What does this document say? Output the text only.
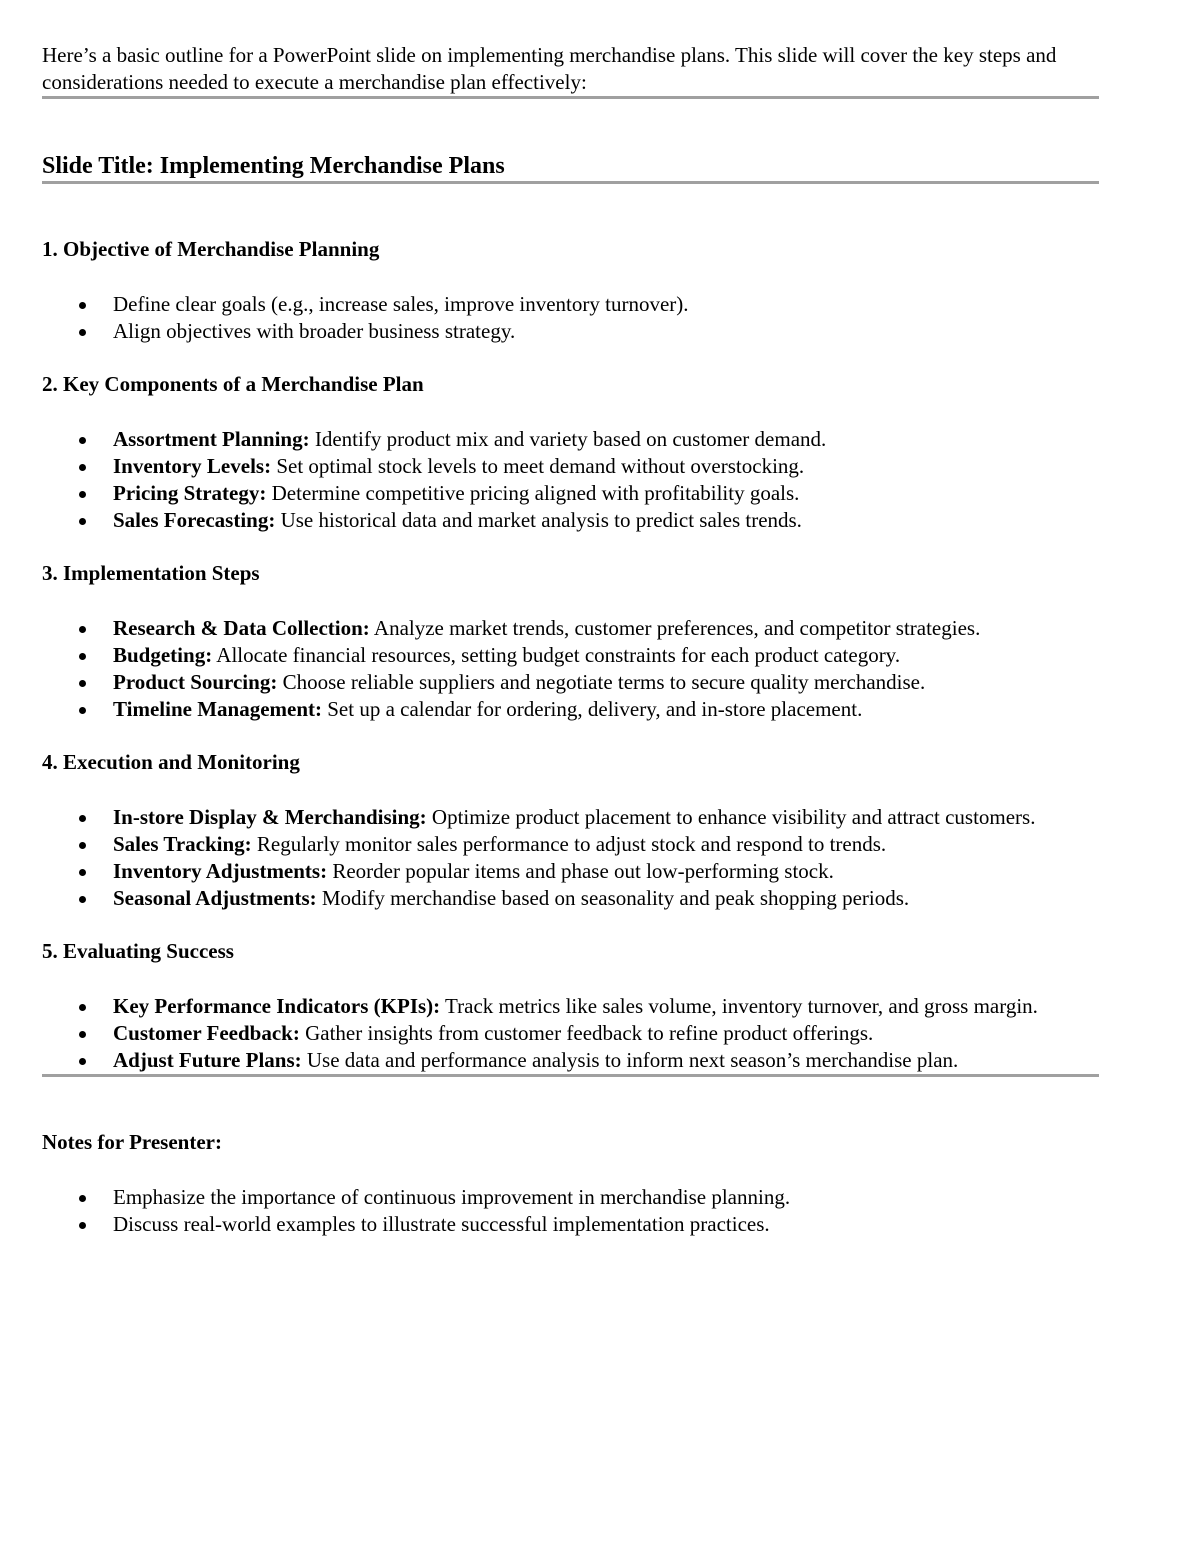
Here’s a basic outline for a PowerPoint slide on implementing merchandise plans. This slide will cover the key steps and considerations needed to execute a merchandise plan effectively:

Slide Title: Implementing Merchandise Plans
1. Objective of Merchandise Planning
Define clear goals (e.g., increase sales, improve inventory turnover).
Align objectives with broader business strategy.
2. Key Components of a Merchandise Plan
Assortment Planning: Identify product mix and variety based on customer demand.
Inventory Levels: Set optimal stock levels to meet demand without overstocking.
Pricing Strategy: Determine competitive pricing aligned with profitability goals.
Sales Forecasting: Use historical data and market analysis to predict sales trends.
3. Implementation Steps
Research & Data Collection: Analyze market trends, customer preferences, and competitor strategies.
Budgeting: Allocate financial resources, setting budget constraints for each product category.
Product Sourcing: Choose reliable suppliers and negotiate terms to secure quality merchandise.
Timeline Management: Set up a calendar for ordering, delivery, and in-store placement.
4. Execution and Monitoring
In-store Display & Merchandising: Optimize product placement to enhance visibility and attract customers.
Sales Tracking: Regularly monitor sales performance to adjust stock and respond to trends.
Inventory Adjustments: Reorder popular items and phase out low-performing stock.
Seasonal Adjustments: Modify merchandise based on seasonality and peak shopping periods.
5. Evaluating Success
Key Performance Indicators (KPIs): Track metrics like sales volume, inventory turnover, and gross margin.
Customer Feedback: Gather insights from customer feedback to refine product offerings.
Adjust Future Plans: Use data and performance analysis to inform next season’s merchandise plan.
Notes for Presenter:
Emphasize the importance of continuous improvement in merchandise planning.
Discuss real-world examples to illustrate successful implementation practices.
